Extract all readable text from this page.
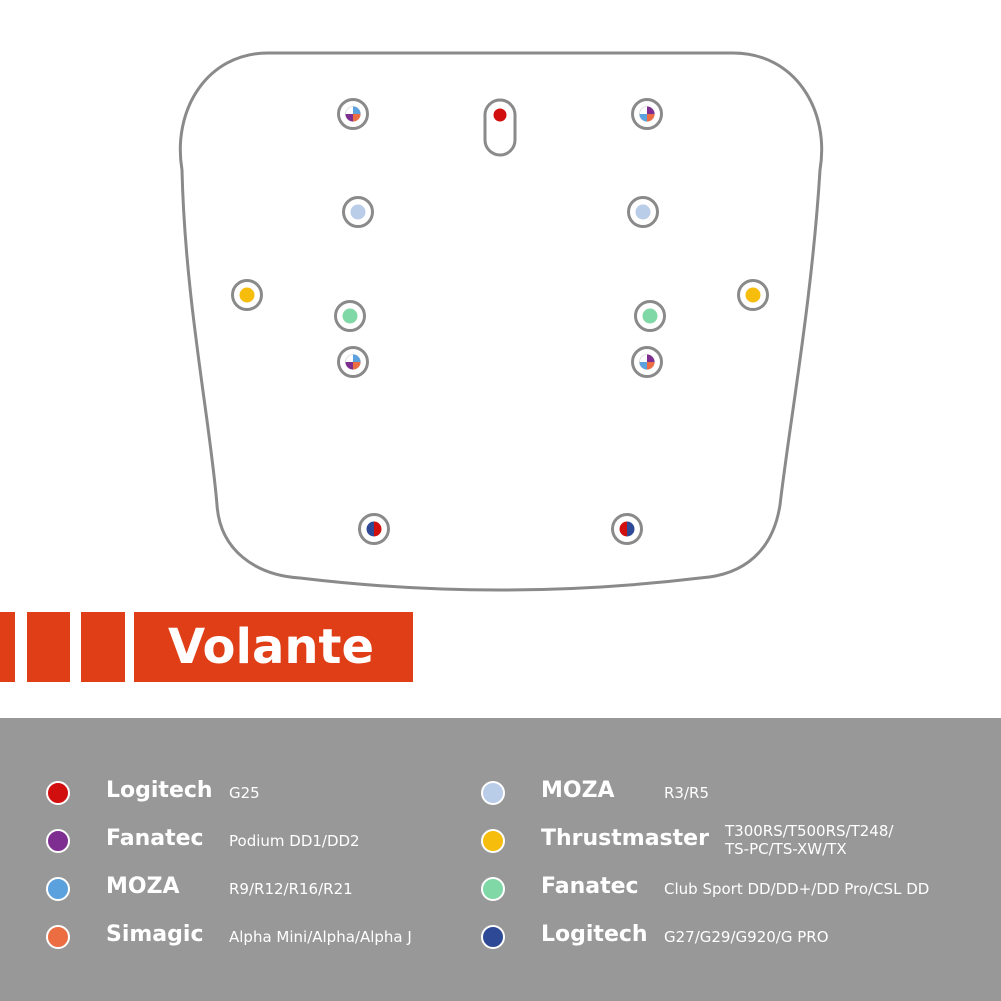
Volante
Logitech G25
Fanatec Podium DD1/DD2
MOZA	R9/R12/R16/R21
Simagic Alpha Mini/Alpha/Alpha J
MOZA	R3/R5
Thrustmaster T300RS/T500RS/T248/
TS-PC/TS-XW/TX
Fanatec Club Sport DD/DD+/DD Pro/CSL DD
Logitech G27/G29/G920/G PRO
